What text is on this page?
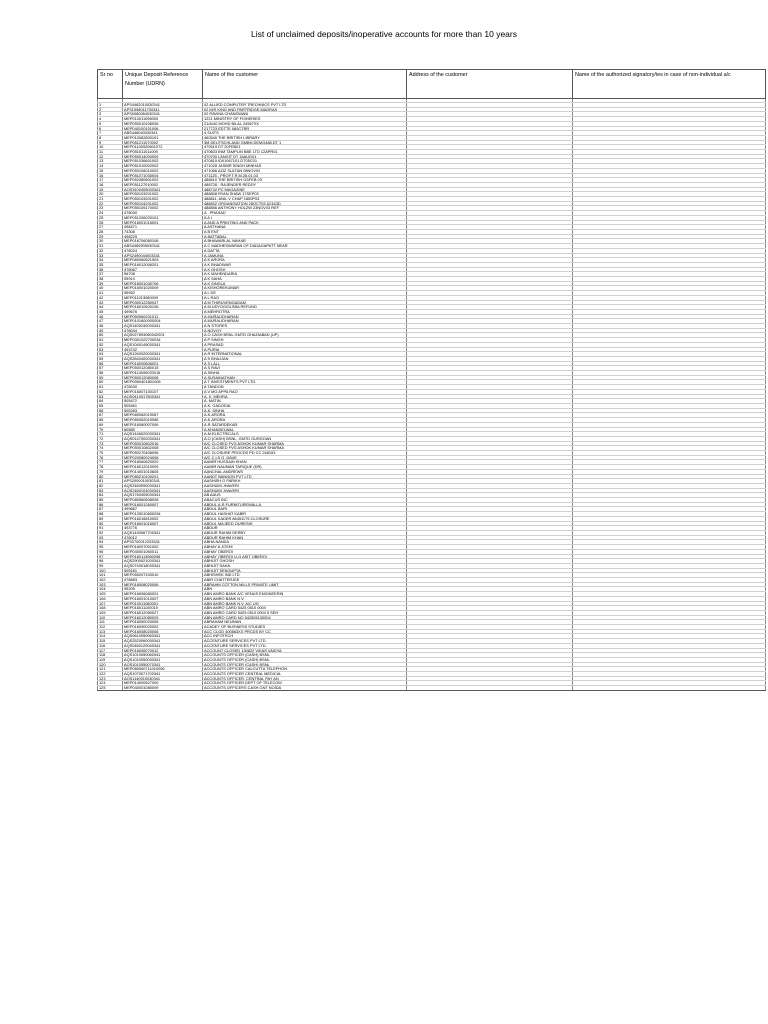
List of unclaimed deposits/inoperative accounts for more than 10 years
Sr no	Unique Deposit Reference Number (UDRN)	Name of the customer	Address of the customer	Name of the authorized signatory/ies in case of non-individual a/c

1	APS4462010030341	02 ALLIED COMPUTER TRECHNICS PVT LTD		
2	APS1998011700341	02 M/S KING AND PARTRIDGE,MADRAS		
3	APS0080064030341	02 RAVINA CHANDWANI		
4	MEP010011096000	1221 MINISTRY OF FISHERIES		
5	MEP050010106006	21/A/40 MOHD BILAL 24567XX		
6	MEP040100101006	217723 EDTTE 060CTRR		
7	ABS446040030341	4 SUITS		
8	MEP010082800101	460540 THE BRITISH LIBRARY		
9	MEP051211070002	3M DEUTSCHLAND GMBH,DEMG488,DT 1		
10	MEP01100920601072	470519 DT 20FEB01		
11	MEP051011011009	470603 INM TAMPLIN BBE LTD 12APR01		
12	MEP050014000009	470700 LANGIT DT 16AUG01		
13	MEP051036601002	470815 ID01067101 DT05C01		
14	MEP051010002002	471028 JASBIR SINGH MINHAS		
15	MEP050106010002	471066 AZIZ SULTAN 08NOV02		
16	MEP051071030004	471125 - PROF.T.R.M.26.01.03		
17	MEP052080601002	488610 THE BRITISH OSFEB 03		
18	MEP051127010002	488728 - RAJENDER REDDY		
19	AQS3100405030341	488742 PC MAGAZINE		
20	MEP050103201002	488808 RYAN SHAW 17SEP03		
21	MEP050103201002	488811, ANIL V CHAP 1850P03		
22	MEP050104201002	488832 ORGANISATION 28OCT03 &2163D		
23	MEP050105170002	488856 ANTHONY HOLZW 23NOV03 REF		
24	478030	A . PRASAD		
25	MEP051206020101	A A I		
26	MEP016001016001	A AND A PRINTING AND PACK		
27	498471	A ASTHANA		
28	74308	A B ENT		
29	498229	A BATTABAL		
30	MEP016706080106	A BHAWARLAL NAHAR		
31	ABS4489909030341	A C MADHESWARAN OF DADAGAPATT NEAR		
32	478024	A DATTA		
33	APS2490044003341	A JAMUNA		
34	MEP080060621903	A K ARORA		
35	MEP016012006201	A K BHADWAR		
36	478067	A K GHOSH		
37	96708	A K MAHENDARIA		
38	95914	A K SAHA		
39	MEP016001040706	A K SINGLA		
40	MEP016001020009	A KISHOREKUMAR		
41	95952	A L DE		
42	MEP011013080009	A L RAO		
43	MEP030012280047	A M THIRUVENGADAM		
44	MEP016010620106	A M UDYOG/SLSBA REFUND		
45	499676	A MEHROTRA		
46	MEP050060201011	A MURALIDHARAN		
47	MEP0101600000004	A MURALIDHARAN		
48	AQS1400240030341	A N STORES		
49	478044	A NOVOY		
50	AQS027893060042001	A O CASH BSNL GMTD GHAZIABAD (UP)		
51	MEP0301022700034	A P SINGH		
52	AQS1040149030341	A PRASAD		
53	493742	A PURIA		
54	AQS1260020030341	A R INTERNATIONAL		
55	AQS2840400030341	A S BHAJJAN		
56	MEP016000806001	A S LALL		
57	MEP050012080015	A S RAVI		
58	MEP0114090020016	A SINHA		
59	MEP050012080008	A SUSAINATHAN		
60	MEP0060401801006	A T INVESTMENTS PVT LTD.		
61	478030	A TANDON		
62	MEP016007100107	A V MG APPA RAO		
63	AQS0410017500341	A. K. MEHRA		
64	505472	A. MATIN		
65	505461	A.K. GADODIA		
66	505283	A.K. SINHA		
67	MEP080062019087	A.K.ARORA		
68	MEP080062019086	A.K.ARORA		
69	MEP016060007006	A.R.SATARDEKAR		
70	60585	A.KHANDELWAL		
71	AQS1446020030341	A.M.ELECTRICALS		
72	AQS0147002030341	A.O (CASH) BSNL, GMTD GURGOAN		
73	MEP050010802016	A/C CLOSED FVG ASHOK KUMAR SHARMA		
74	MEP050010802008	A/C CLOSED FVG ASHOK KUMAR SHARMA		
75	MEP050270406096	A/C CLOSURE PROCDS PD CC 248153		
76	MEP020080024008	A/C C.LS G .DAVE		
77	MEP016060620020	AAMIR HUSSAIN KHAN		
78	MEP016012010009	AAMIR NAUMAN TARIQUE (DR)		
79	MEP014001010605	AANCHAL ANDREWS		
80	MEP080210100201	AANDT BANNON PVT LTD		
81	APS2000010030341	AASHISH G PARIKH		
82	AQS2460090030341	AASHUMI JHAVERI		
83	AQS2460104030341	AASHUMI JHAVERI		
84	AQS1760405030341	AB AAUS		
85	MEP080560608008	ABACUS INC		
86	MEP016001260007	ABDUL.A.R.FURNITUREWALLA		
87	499687	ABDUL BARI		
88	MEP0125010600034	ABDUL HASHAT KABIR		
89	MEP016016810002	ABDUL KADER 86451179-CLOSURE		
90	MEP016001016007	ABDUL MAJEED QURESHI		
91	493776	ABDUR		
92	AQS1430067700341	ABDUR RAHIM DERBY		
93	478012	ABDUR RAHIM KHAN		
94	APS0700012203341	ABHA NANDA		
95	MEP016007001002	ABHAY A JOSHI		
96	MEP040001060011	ABHAY OBEROI		
97	MEP0160113060006	ABHAY OBEROI U-G ASIT OBEROI		
98	AQS2900021030341	ABHIJIT GHOSH		
99	AQS0740018030341	ABHIJIT SAHA		
100	505181	ABHIJIT SENGUPTA		
101	MEP050207100010	ABHISHEK IND LTD		
102	478683	ABIR CHATTERJEE		
103	MEP016008020006	ABRAHM COTTON MILLS PRIVATE LIMIT		
104	95205	ABN		
105	MEP016006080001	ABN AMRO BANK A/C VENUS ENGINEERIN		
106	MEP016001010007	ABN AMRO BANK N.V.		
107	MEP010011080001	ABN AMRO BANK N.V. A/C UG		
108	MEP016011100019	ABN AMRO CARD 5425 0510 0004		
109	MEP016012080027	ABN AMRO CARD 5425 0510 0004 5 SEH		
110	MEP016012080029	ABN AMRO CARD NO 542505130004		
111	MEP016050020005	ABRAHAM NEUMAN		
112	MEP016090020002	ACADEY OF BUSINESS STUDIES		
113	MEP016008020006	ACC CLGD 400863XX PRCDS BY CC		
114	AQS0610050060341	ACC INFOTECH		
115	AQS2520060030341	ACCENTURE SERVICES PVT LTD.		
116	AQS0460120040341	ACCENTURE SERVICES PVT LTD.		
117	MEP016006070012	ACCOUNT CLOSED 130822 VIKAS VAIDYA		
118	AQS1010050060341	ACCOUNTS OFFICER (CASH) BSNL		
119	AQS1010050030341	ACCOUNTS OFFICER (CASH) BSNL		
120	AQS1010050070341	ACCOUNTS OFFICER (CASH) BSNL		
121	MEP080060711010006	ACCOUNTS OFFICER CALCUTTA TELEPHON		
122	AQS1070071700341	ACCOUNTS OFFICER CENTRAL MEDICAL		
123	AQS1140010030341	ACCOUNTS OFFICER, CENTRAL PAY AN		
124	MEP014000627000	ACCOUNTS OFFICER,DEPT OF TELECOM		
125	MEP040001080009	ACCOUNTS OFFICERS CASH GNT NOIDA		
